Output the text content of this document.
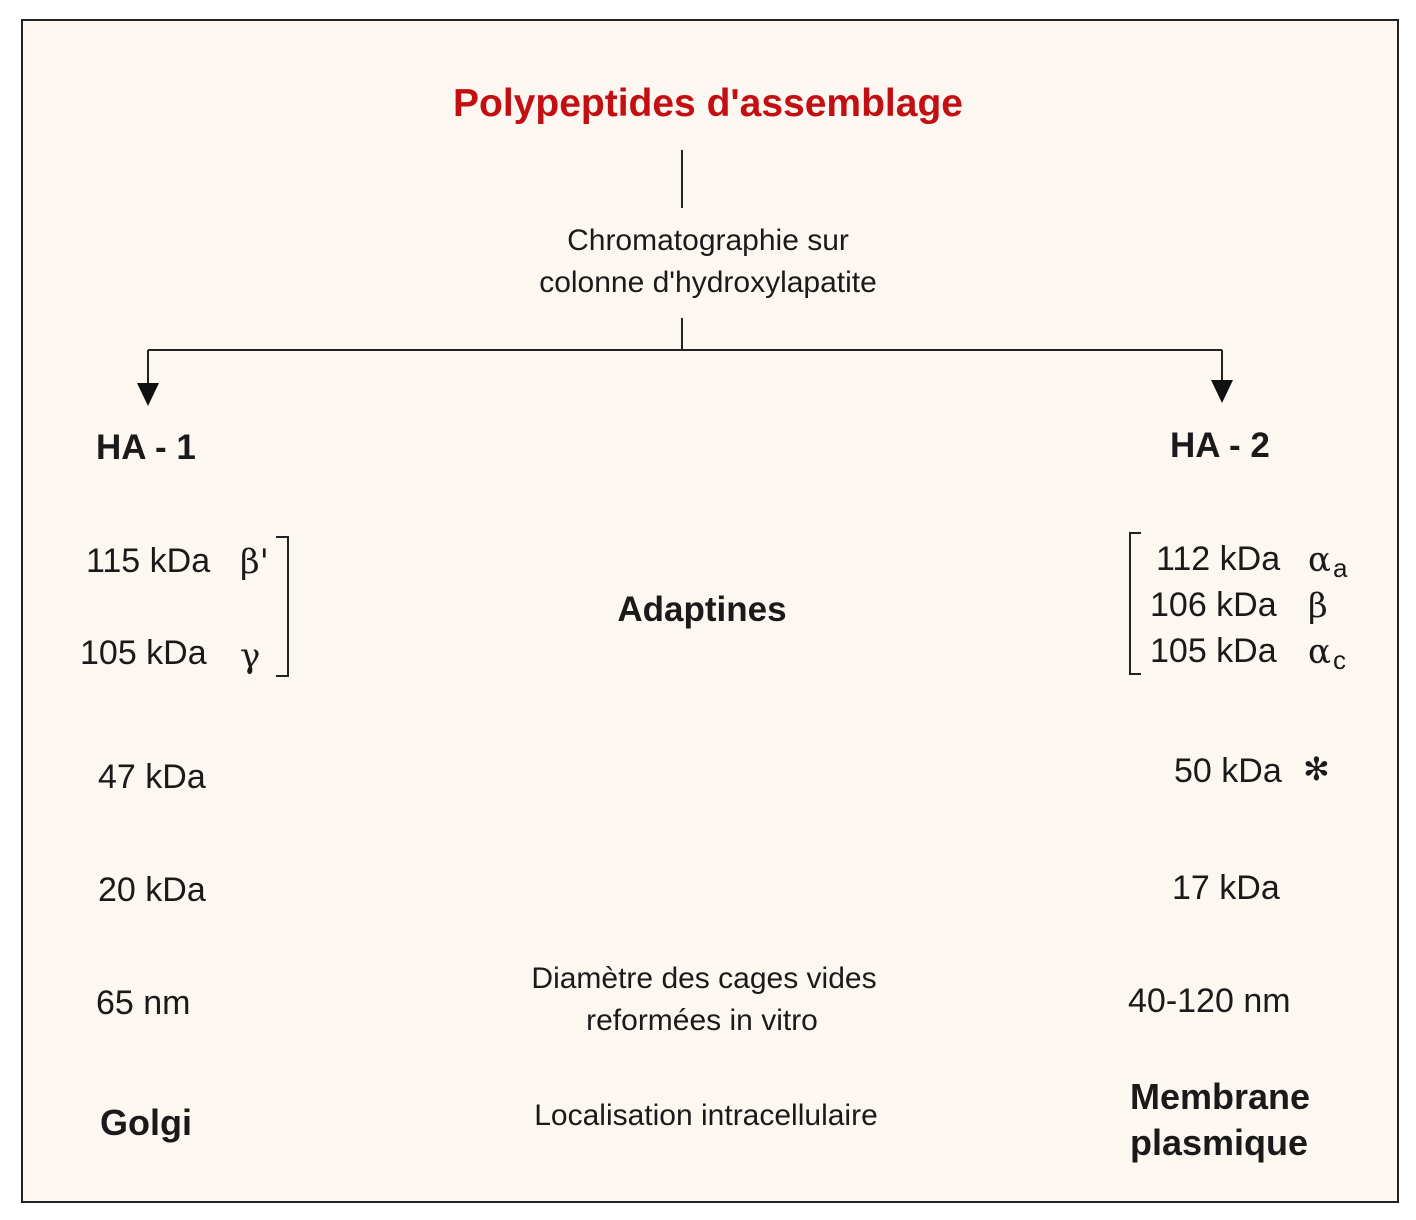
Polypeptides d'assemblage
Chromatographie sur
colonne d'hydroxylapatite
HA - 1
115 kDa β'
105 kDa γ
47 kDa
20 kDa
65 nm
Golgi
Adaptines
Diamètre des cages vides
reformées in vitro
Localisation intracellulaire
HA - 2
112 kDa αa
106 kDa β
105 kDa αc
50 kDa ✻
17 kDa
40-120 nm
Membrane
plasmique
